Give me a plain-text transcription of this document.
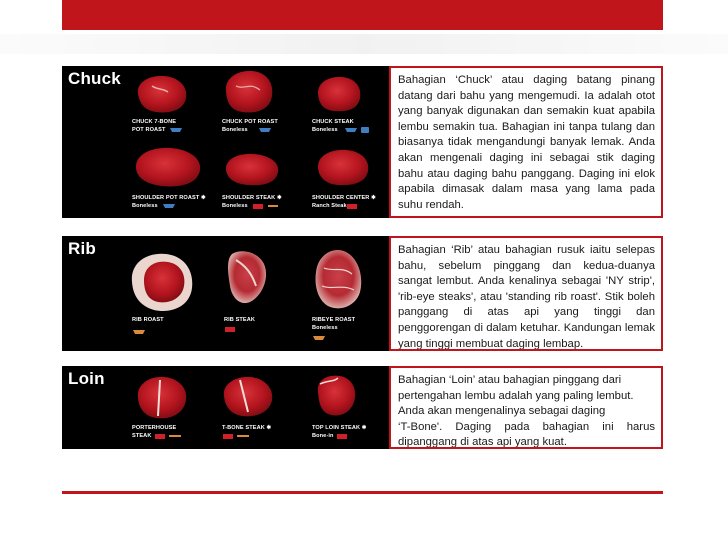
Chuck
CHUCK 7-BONE
POT ROAST
CHUCK POT ROAST
Boneless
CHUCK STEAK
Boneless
SHOULDER POT ROAST ✱
Boneless
SHOULDER STEAK ✱
Boneless
SHOULDER CENTER ✱
Ranch Steak

Bahagian ‘Chuck’ atau daging batang pinang datang dari bahu yang mengemudi. Ia adalah otot yang banyak digunakan dan semakin kuat apabila lembu semakin tua. Bahagian ini tanpa tulang dan biasanya tidak mengandungi banyak lemak. Anda akan mengenali daging ini sebagai stik daging bahu atau daging bahu panggang. Daging ini elok apabila dimasak dalam masa yang lama pada suhu rendah.

Rib
RIB ROAST	RIB STEAK	RIBEYE ROAST
Boneless

Bahagian ‘Rib’ atau bahagian rusuk iaitu selepas bahu, sebelum pinggang dan kedua-duanya sangat lembut. Anda kenalinya sebagai 'NY strip', 'rib-eye steaks', atau 'standing rib roast'. Stik boleh panggang di atas api yang tinggi dan penggorengan di dalam ketuhar. Kandungan lemak yang tinggi membuat daging lembap.

Loin
PORTERHOUSE
STEAK
T-BONE STEAK ✱	TOP LOIN STEAK ✱
Bone-in

Bahagian ‘Loin’ atau bahagian pinggang dari

pertengahan lembu adalah yang paling lembut.

Anda akan mengenalinya sebagai daging

‘T-Bone'. Daging pada bahagian ini harus dipanggang di atas api yang kuat.
